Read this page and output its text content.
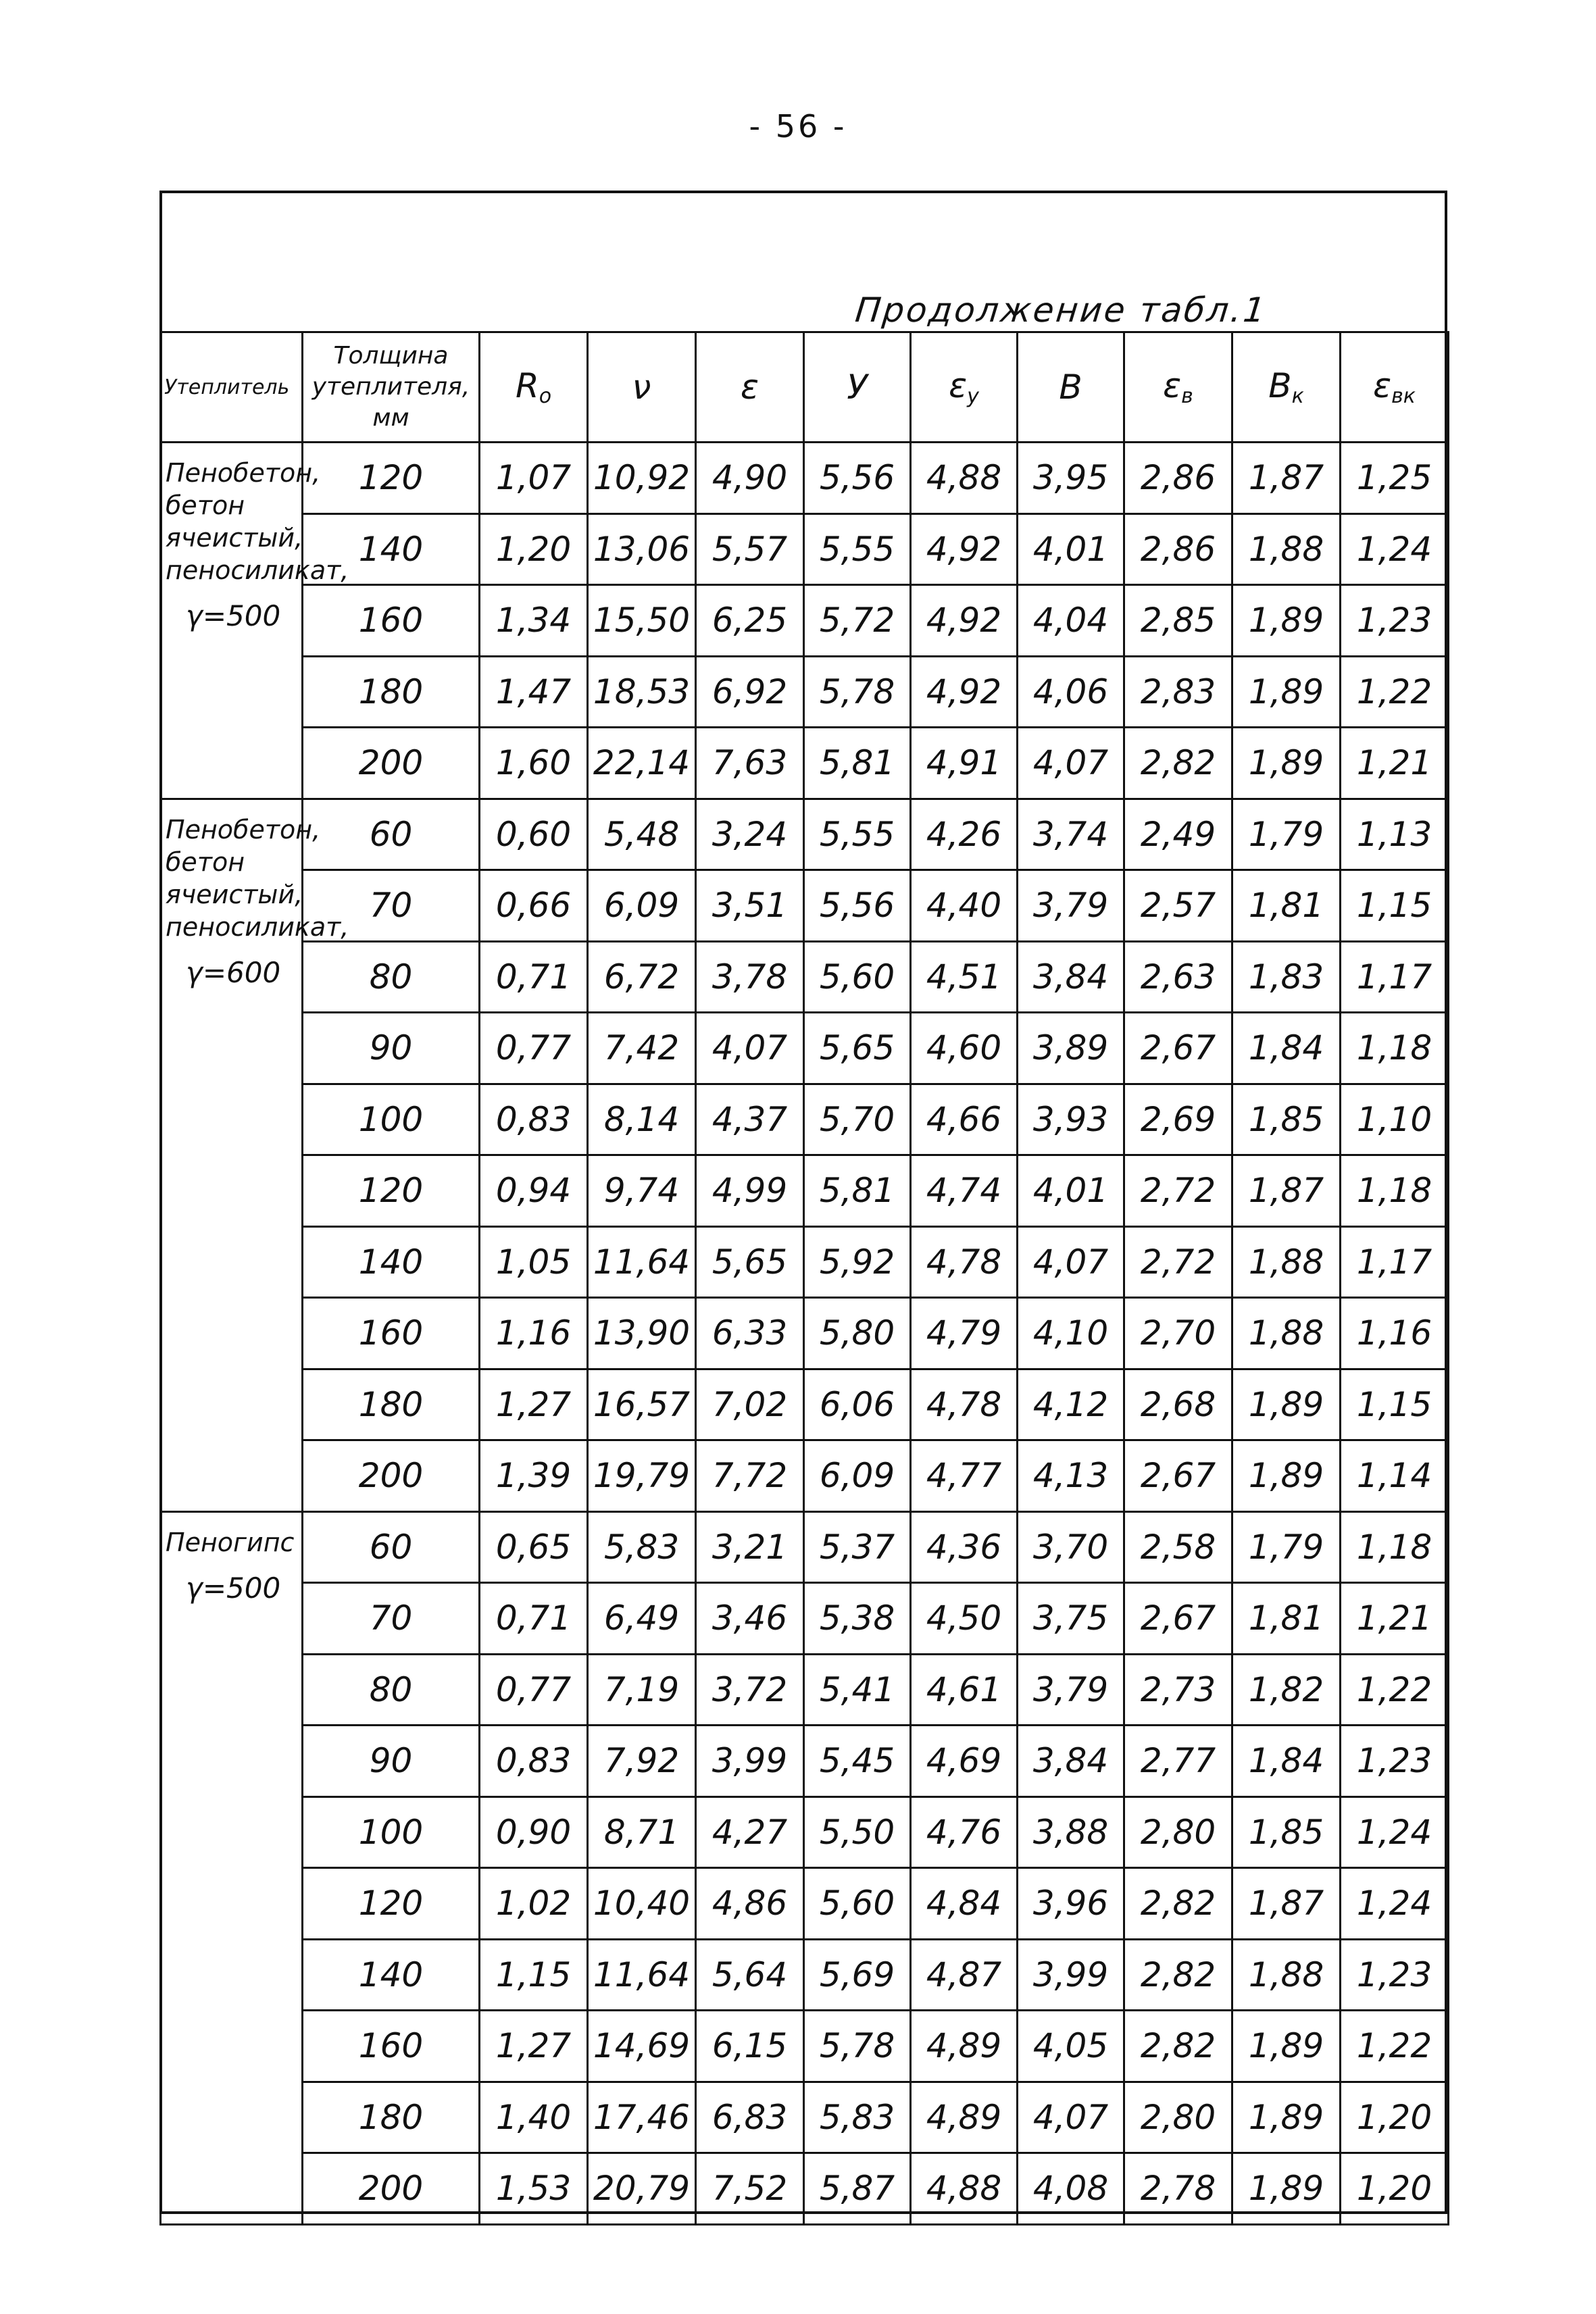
- 56 -
Продолжение табл.1
Утеплитель	Толщина утеплителя, мм	$R_o$	ν	ε	У	$\varepsilon_у$	В	$\varepsilon_в$	$В_к$	$\varepsilon_{вк}$
Пенобетон, бетон ячеистый, пеносиликат,
γ=500	120	1,07	10,92	4,90	5,56	4,88	3,95	2,86	1,87	1,25
	140	1,20	13,06	5,57	5,55	4,92	4,01	2,86	1,88	1,24
	160	1,34	15,50	6,25	5,72	4,92	4,04	2,85	1,89	1,23
	180	1,47	18,53	6,92	5,78	4,92	4,06	2,83	1,89	1,22
	200	1,60	22,14	7,63	5,81	4,91	4,07	2,82	1,89	1,21
Пенобетон, бетон ячеистый, пеносиликат,
γ=600	60	0,60	5,48	3,24	5,55	4,26	3,74	2,49	1,79	1,13
	70	0,66	6,09	3,51	5,56	4,40	3,79	2,57	1,81	1,15
	80	0,71	6,72	3,78	5,60	4,51	3,84	2,63	1,83	1,17
	90	0,77	7,42	4,07	5,65	4,60	3,89	2,67	1,84	1,18
	100	0,83	8,14	4,37	5,70	4,66	3,93	2,69	1,85	1,10
	120	0,94	9,74	4,99	5,81	4,74	4,01	2,72	1,87	1,18
	140	1,05	11,64	5,65	5,92	4,78	4,07	2,72	1,88	1,17
	160	1,16	13,90	6,33	5,80	4,79	4,10	2,70	1,88	1,16
	180	1,27	16,57	7,02	6,06	4,78	4,12	2,68	1,89	1,15
	200	1,39	19,79	7,72	6,09	4,77	4,13	2,67	1,89	1,14
Пеногипс
γ=500	60	0,65	5,83	3,21	5,37	4,36	3,70	2,58	1,79	1,18
	70	0,71	6,49	3,46	5,38	4,50	3,75	2,67	1,81	1,21
	80	0,77	7,19	3,72	5,41	4,61	3,79	2,73	1,82	1,22
	90	0,83	7,92	3,99	5,45	4,69	3,84	2,77	1,84	1,23
	100	0,90	8,71	4,27	5,50	4,76	3,88	2,80	1,85	1,24
	120	1,02	10,40	4,86	5,60	4,84	3,96	2,82	1,87	1,24
	140	1,15	11,64	5,64	5,69	4,87	3,99	2,82	1,88	1,23
	160	1,27	14,69	6,15	5,78	4,89	4,05	2,82	1,89	1,22
	180	1,40	17,46	6,83	5,83	4,89	4,07	2,80	1,89	1,20
	200	1,53	20,79	7,52	5,87	4,88	4,08	2,78	1,89	1,20
